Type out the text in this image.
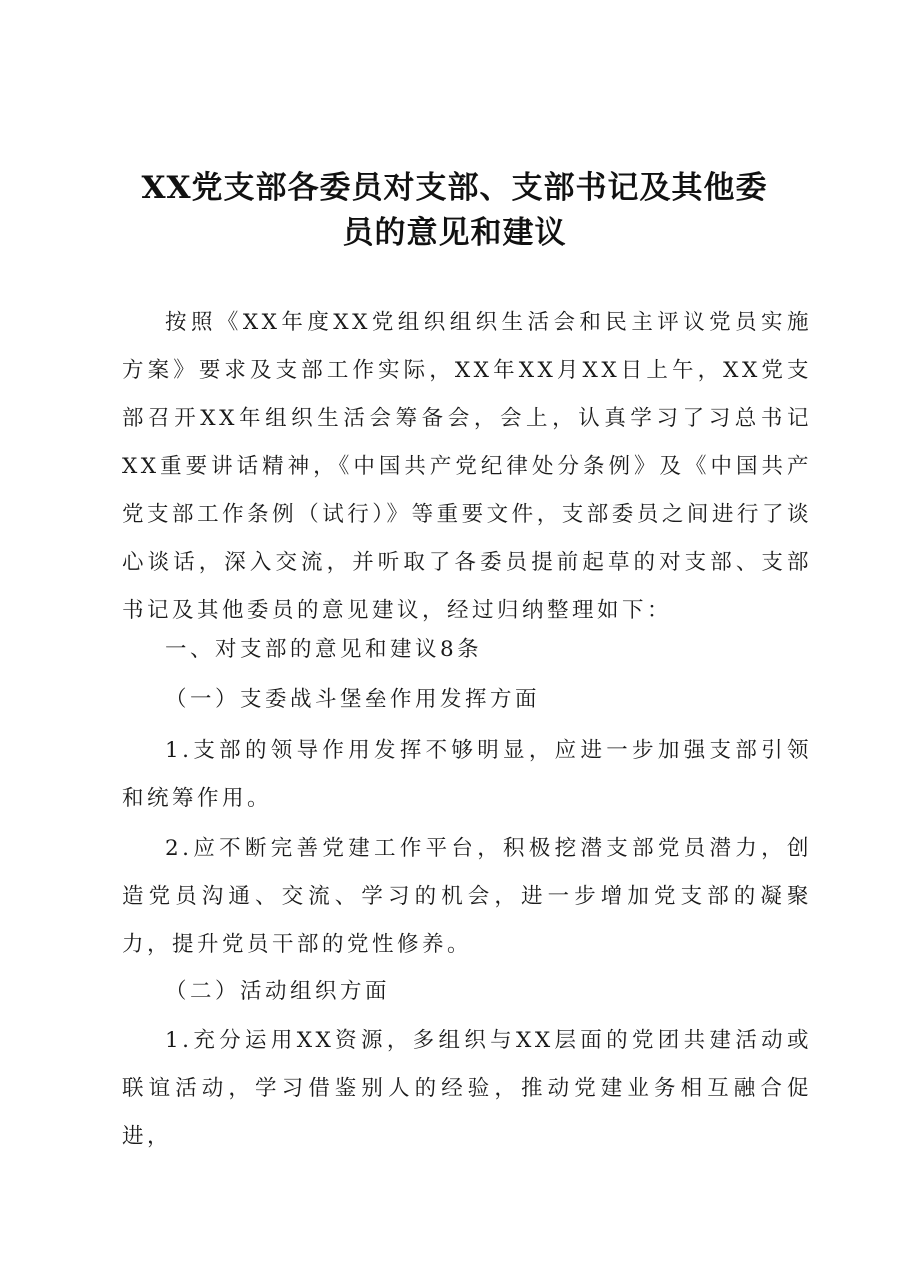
XX党支部各委员对支部、支部书记及其他委
员的意见和建议

按照《XX年度XX党组织组织生活会和民主评议党员实施方案》要求及支部工作实际，XX年XX月XX日上午，XX党支部召开XX年组织生活会筹备会，会上，认真学习了习总书记XX重要讲话精神，《中国共产党纪律处分条例》及《中国共产党支部工作条例（试行）》等重要文件，支部委员之间进行了谈心谈话，深入交流，并听取了各委员提前起草的对支部、支部书记及其他委员的意见建议，经过归纳整理如下：

一、对支部的意见和建议8条

（一）支委战斗堡垒作用发挥方面

1.支部的领导作用发挥不够明显，应进一步加强支部引领和统筹作用。

2.应不断完善党建工作平台，积极挖潜支部党员潜力，创造党员沟通、交流、学习的机会，进一步增加党支部的凝聚力，提升党员干部的党性修养。

（二）活动组织方面

1.充分运用XX资源，多组织与XX层面的党团共建活动或联谊活动，学习借鉴别人的经验，推动党建业务相互融合促进，
